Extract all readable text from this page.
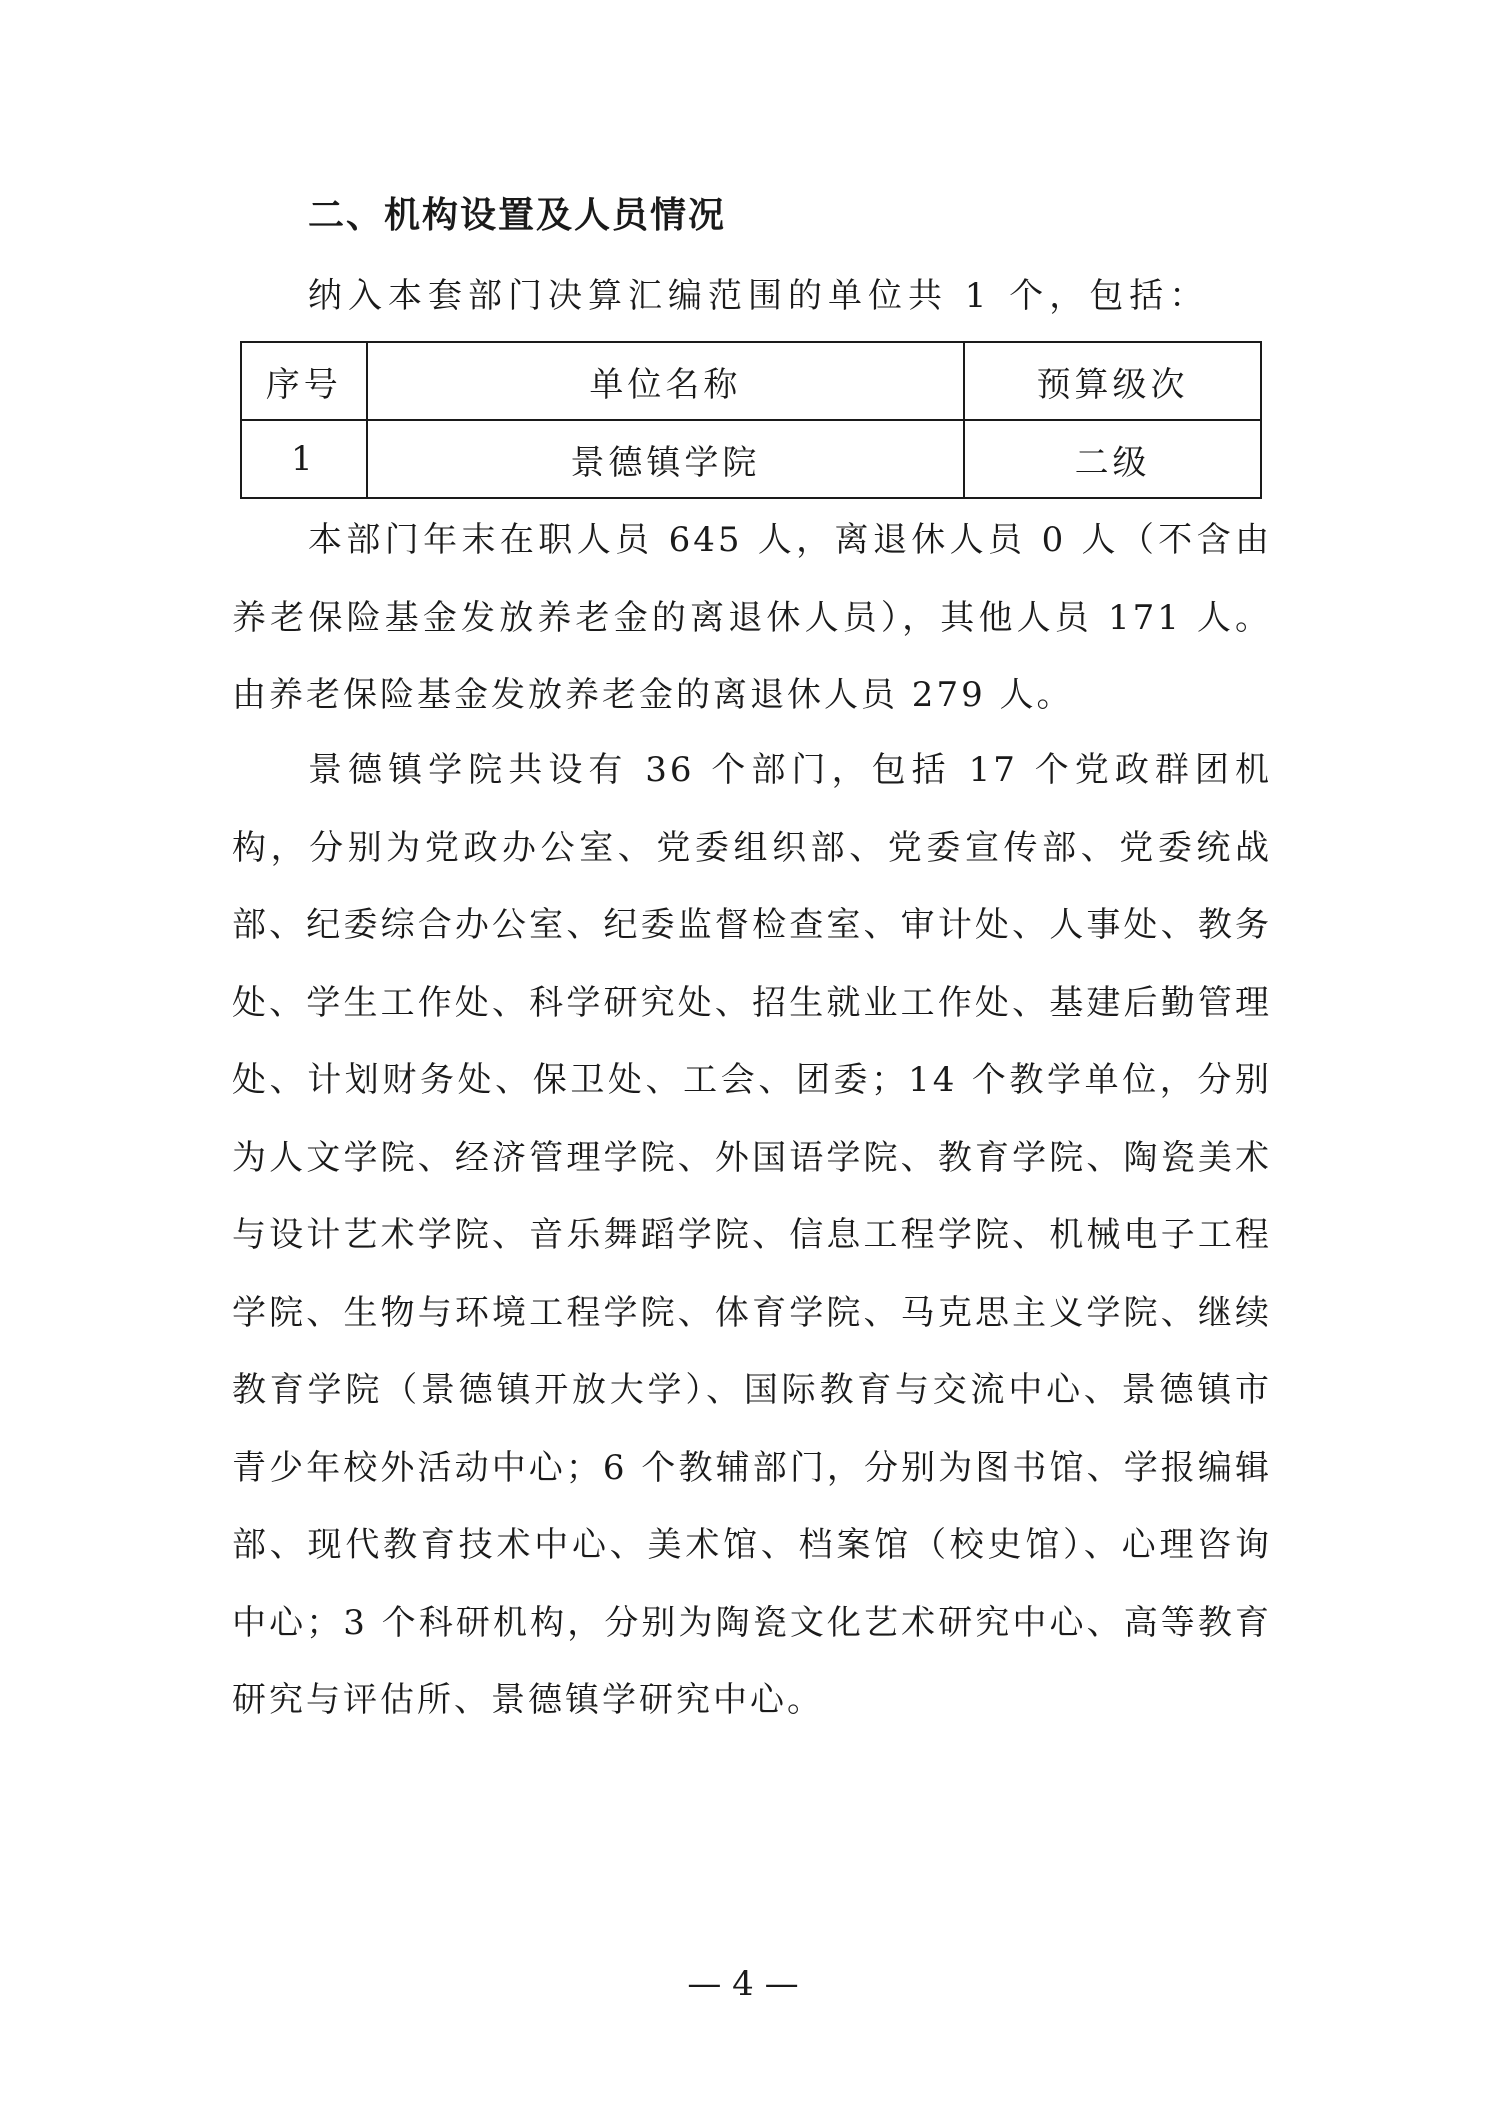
二、机构设置及人员情况

纳入本套部门决算汇编范围的单位共 1 个，包括：

序号	单位名称	预算级次
1	景德镇学院	二级

本部门年末在职人员 645 人，离退休人员 0 人（不含由养老保险基金发放养老金的离退休人员），其他人员 171 人。由养老保险基金发放养老金的离退休人员 279 人。

景德镇学院共设有 36 个部门，包括 17 个党政群团机构，分别为党政办公室、党委组织部、党委宣传部、党委统战部、纪委综合办公室、纪委监督检查室、审计处、人事处、教务处、学生工作处、科学研究处、招生就业工作处、基建后勤管理处、计划财务处、保卫处、工会、团委；14 个教学单位，分别为人文学院、经济管理学院、外国语学院、教育学院、陶瓷美术与设计艺术学院、音乐舞蹈学院、信息工程学院、机械电子工程学院、生物与环境工程学院、体育学院、马克思主义学院、继续教育学院（景德镇开放大学）、国际教育与交流中心、景德镇市青少年校外活动中心；6 个教辅部门，分别为图书馆、学报编辑部、现代教育技术中心、美术馆、档案馆（校史馆）、心理咨询中心；3 个科研机构，分别为陶瓷文化艺术研究中心、高等教育研究与评估所、景德镇学研究中心。

— 4 —
